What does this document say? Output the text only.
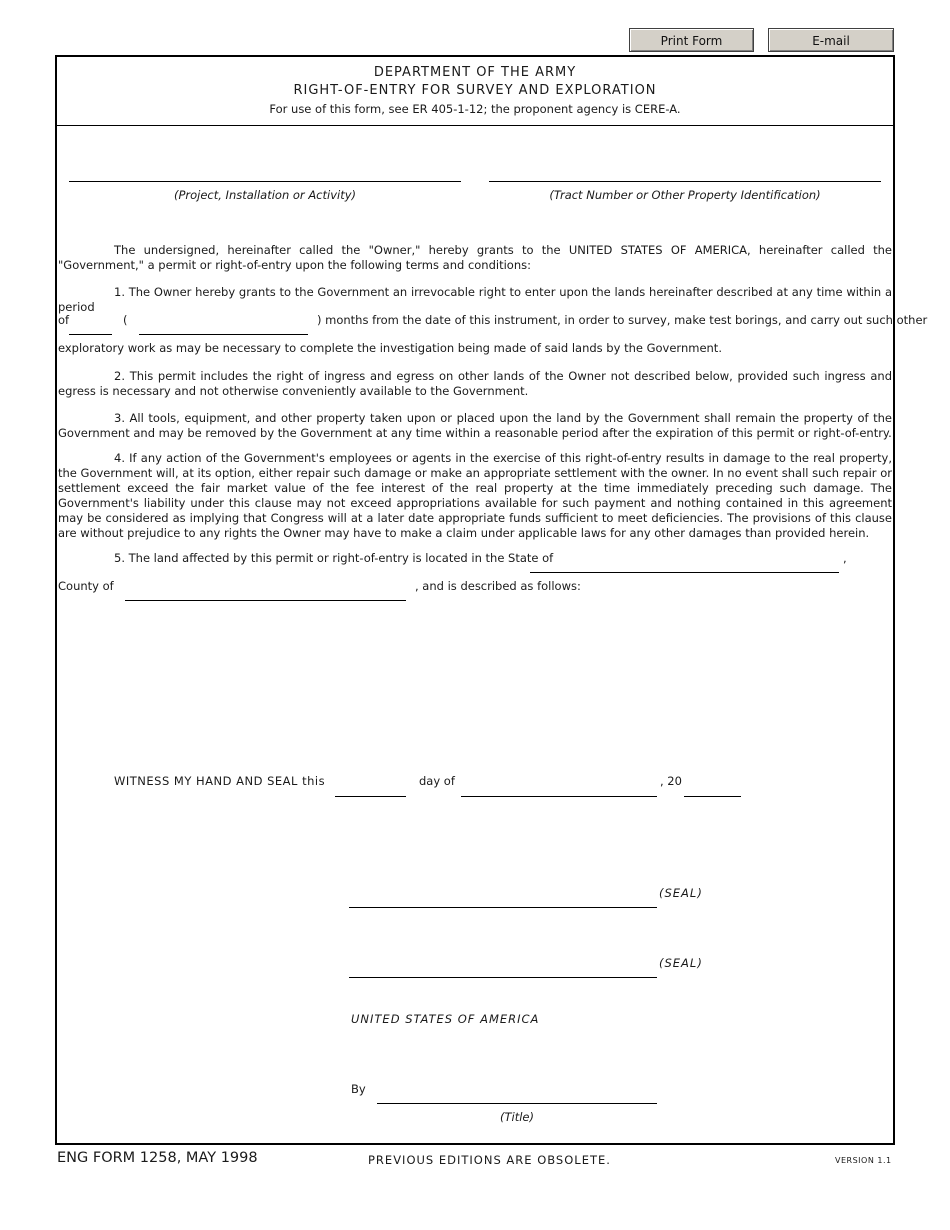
Print Form	E-mail
DEPARTMENT OF THE ARMY
RIGHT-OF-ENTRY FOR SURVEY AND EXPLORATION
For use of this form, see ER 405-1-12; the proponent agency is CERE-A.
(Project, Installation or Activity)	(Tract Number or Other Property Identification)
The undersigned, hereinafter called the "Owner," hereby grants to the UNITED STATES OF AMERICA, hereinafter called the "Government," a permit or right-of-entry upon the following terms and conditions:
1. The Owner hereby grants to the Government an irrevocable right to enter upon the lands hereinafter described at any time within a period
of	(	) months from the date of this instrument, in order to survey, make test borings, and carry out such other
exploratory work as may be necessary to complete the investigation being made of said lands by the Government.
2. This permit includes the right of ingress and egress on other lands of the Owner not described below, provided such ingress and egress is necessary and not otherwise conveniently available to the Government.
3. All tools, equipment, and other property taken upon or placed upon the land by the Government shall remain the property of the Government and may be removed by the Government at any time within a reasonable period after the expiration of this permit or right-of-entry.
4. If any action of the Government's employees or agents in the exercise of this right-of-entry results in damage to the real property, the Government will, at its option, either repair such damage or make an appropriate settlement with the owner. In no event shall such repair or settlement exceed the fair market value of the fee interest of the real property at the time immediately preceding such damage. The Government's liability under this clause may not exceed appropriations available for such payment and nothing contained in this agreement may be considered as implying that Congress will at a later date appropriate funds sufficient to meet deficiencies. The provisions of this clause are without prejudice to any rights the Owner may have to make a claim under applicable laws for any other damages than provided herein.
5. The land affected by this permit or right-of-entry is located in the State of	,
County of	, and is described as follows:
WITNESS MY HAND AND SEAL this	day of	, 20
(SEAL)
(SEAL)
UNITED STATES OF AMERICA
By
(Title)
ENG FORM 1258, MAY 1998	PREVIOUS EDITIONS ARE OBSOLETE.	VERSION 1.1
